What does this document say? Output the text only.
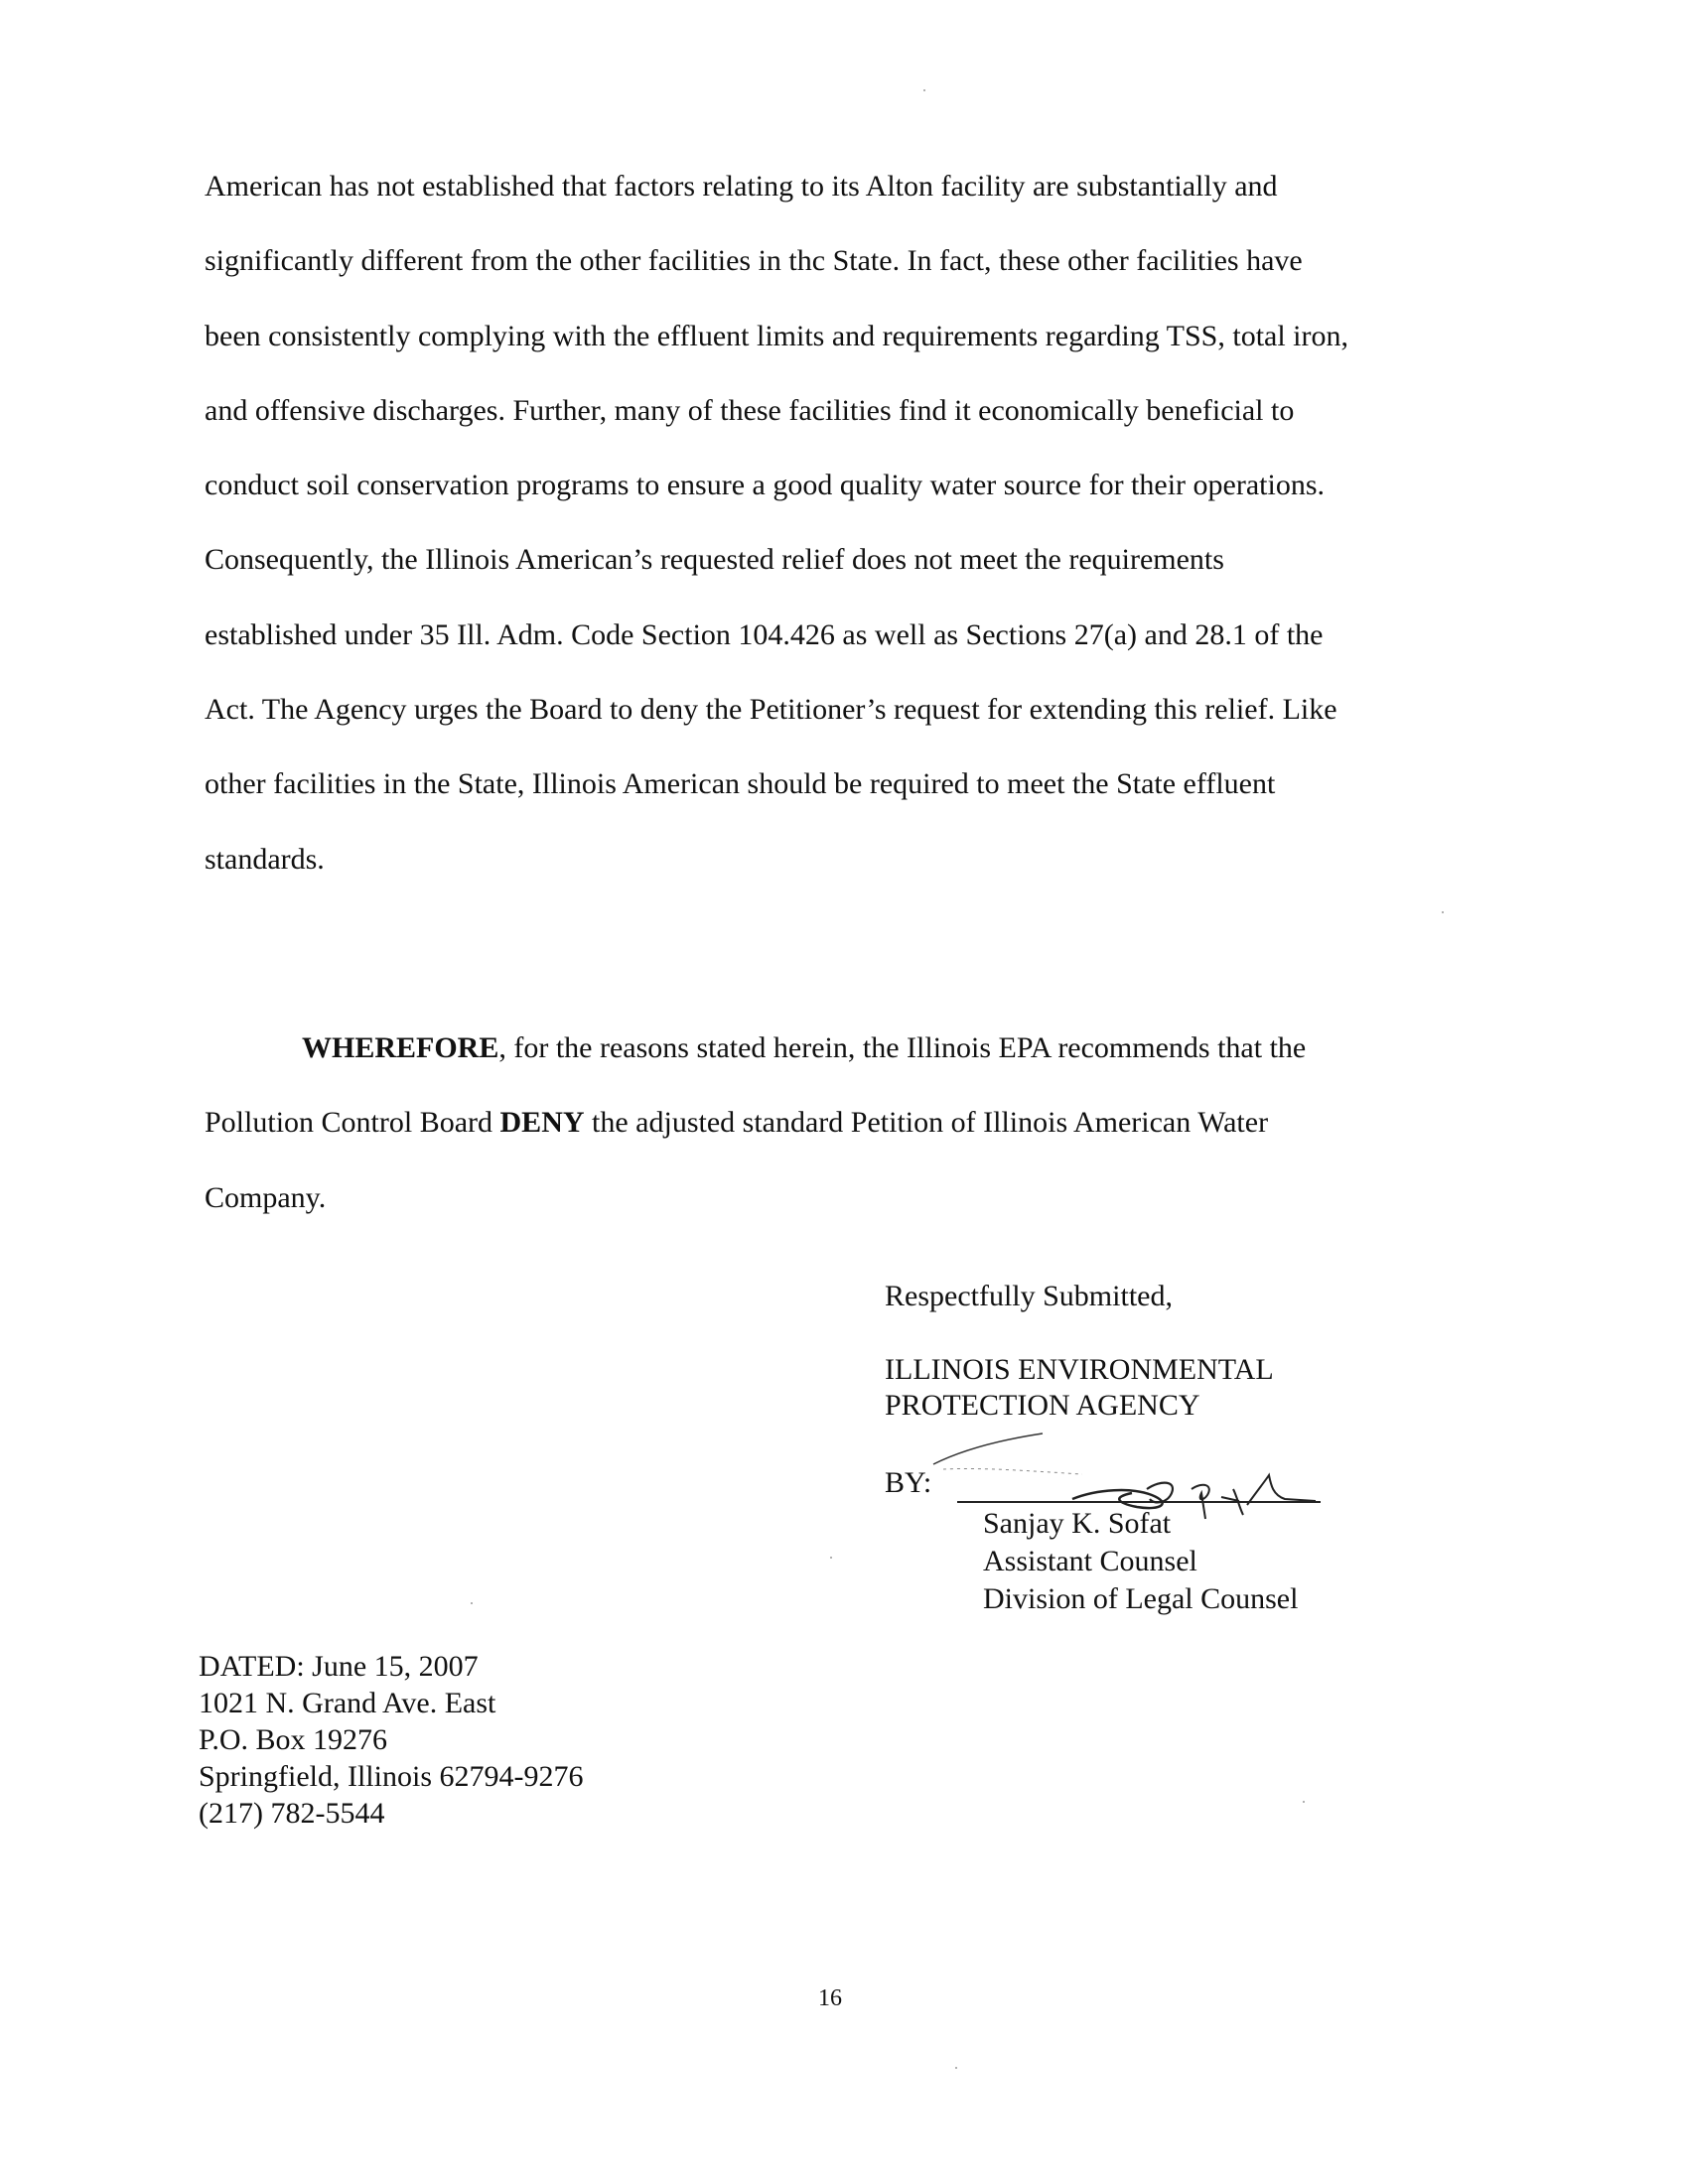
American has not established that factors relating to its Alton facility are substantially and
significantly different from the other facilities in thc State. In fact, these other facilities have
been consistently complying with the effluent limits and requirements regarding TSS, total iron,
and offensive discharges. Further, many of these facilities find it economically beneficial to
conduct soil conservation programs to ensure a good quality water source for their operations.
Consequently, the Illinois American’s requested relief does not meet the requirements
established under 35 Ill. Adm. Code Section 104.426 as well as Sections 27(a) and 28.1 of the
Act. The Agency urges the Board to deny the Petitioner’s request for extending this relief. Like
other facilities in the State, Illinois American should be required to meet the State effluent
standards.
WHEREFORE, for the reasons stated herein, the Illinois EPA recommends that the
Pollution Control Board DENY the adjusted standard Petition of Illinois American Water
Company.
Respectfully Submitted,
ILLINOIS ENVIRONMENTAL
PROTECTION AGENCY
BY:
Sanjay K. Sofat
Assistant Counsel
Division of Legal Counsel
DATED: June 15, 2007
1021 N. Grand Ave. East
P.O. Box 19276
Springfield, Illinois 62794-9276
(217) 782-5544
16
